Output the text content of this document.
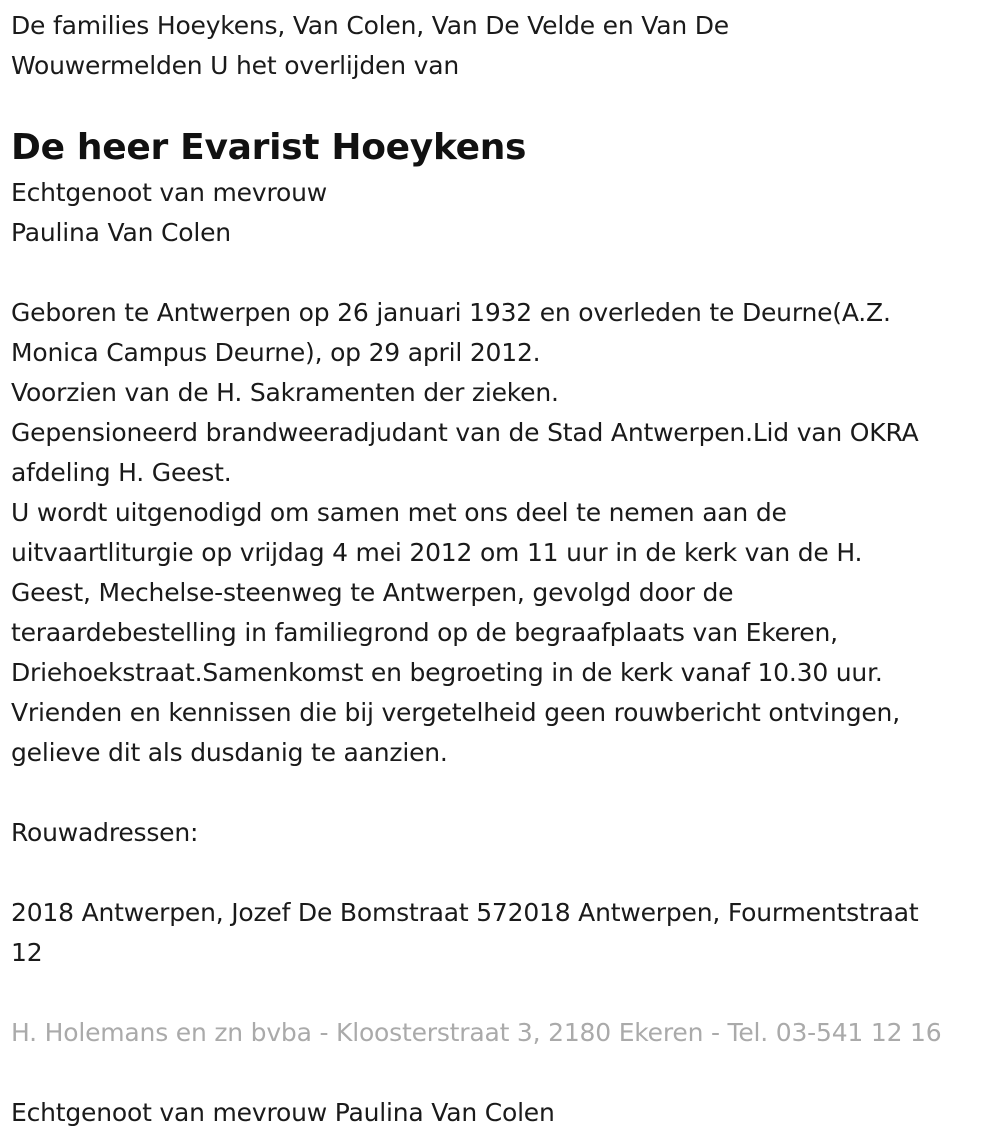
De families Hoeykens, Van Colen, Van De Velde en Van De
Wouwermelden U het overlijden van
De heer Evarist Hoeykens
Echtgenoot van mevrouw
Paulina Van Colen
Geboren te Antwerpen op 26 januari 1932 en overleden te Deurne(A.Z.
Monica Campus Deurne), op 29 april 2012.
Voorzien van de H. Sakramenten der zieken.
Gepensioneerd brandweeradjudant van de Stad Antwerpen.Lid van OKRA
afdeling H. Geest.
U wordt uitgenodigd om samen met ons deel te nemen aan de
uitvaartliturgie op vrijdag 4 mei 2012 om 11 uur in de kerk van de H.
Geest, Mechelse-steenweg te Antwerpen, gevolgd door de
teraardebestelling in familiegrond op de begraafplaats van Ekeren,
Driehoekstraat.Samenkomst en begroeting in de kerk vanaf 10.30 uur.
Vrienden en kennissen die bij vergetelheid geen rouwbericht ontvingen,
gelieve dit als dusdanig te aanzien.
Rouwadressen:
2018 Antwerpen, Jozef De Bomstraat 572018 Antwerpen, Fourmentstraat
12
H. Holemans en zn bvba - Kloosterstraat 3, 2180 Ekeren - Tel. 03-541 12 16
Echtgenoot van mevrouw Paulina Van Colen
